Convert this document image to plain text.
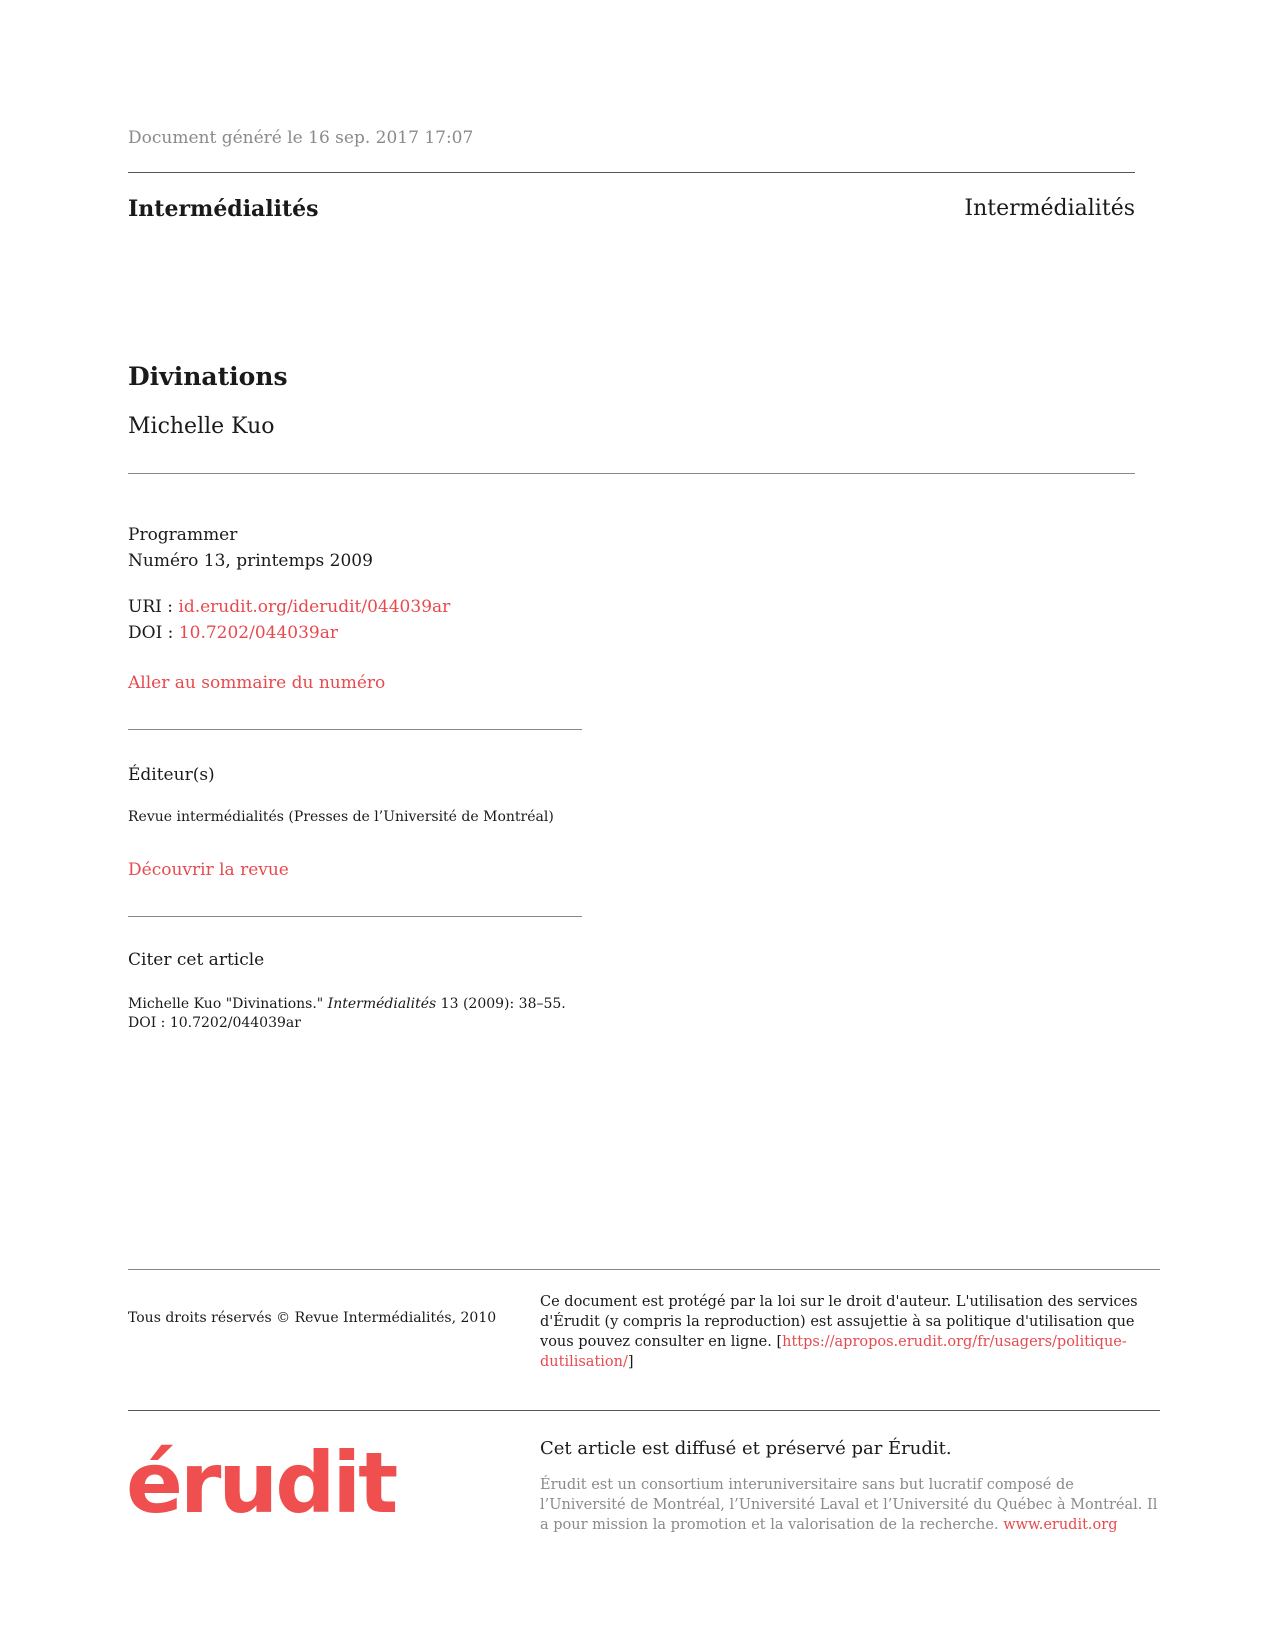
Document généré le 16 sep. 2017 17:07
Intermédialités	Intermédialités
Divinations
Michelle Kuo
Programmer
Numéro 13, printemps 2009
URI : id.erudit.org/iderudit/044039ar
DOI : 10.7202/044039ar
Aller au sommaire du numéro
Éditeur(s)
Revue intermédialités (Presses de l’Université de Montréal)
Découvrir la revue
Citer cet article
Michelle Kuo "Divinations." Intermédialités 13 (2009): 38–55.
DOI : 10.7202/044039ar
Tous droits réservés © Revue Intermédialités, 2010
Ce document est protégé par la loi sur le droit d'auteur. L'utilisation des services d'Érudit (y compris la reproduction) est assujettie à sa politique d'utilisation que vous pouvez consulter en ligne. [https://apropos.erudit.org/fr/usagers/politique-dutilisation/]
érudit	Cet article est diffusé et préservé par Érudit.
Érudit est un consortium interuniversitaire sans but lucratif composé de l’Université de Montréal, l’Université Laval et l’Université du Québec à Montréal. Il a pour mission la promotion et la valorisation de la recherche. www.erudit.org
